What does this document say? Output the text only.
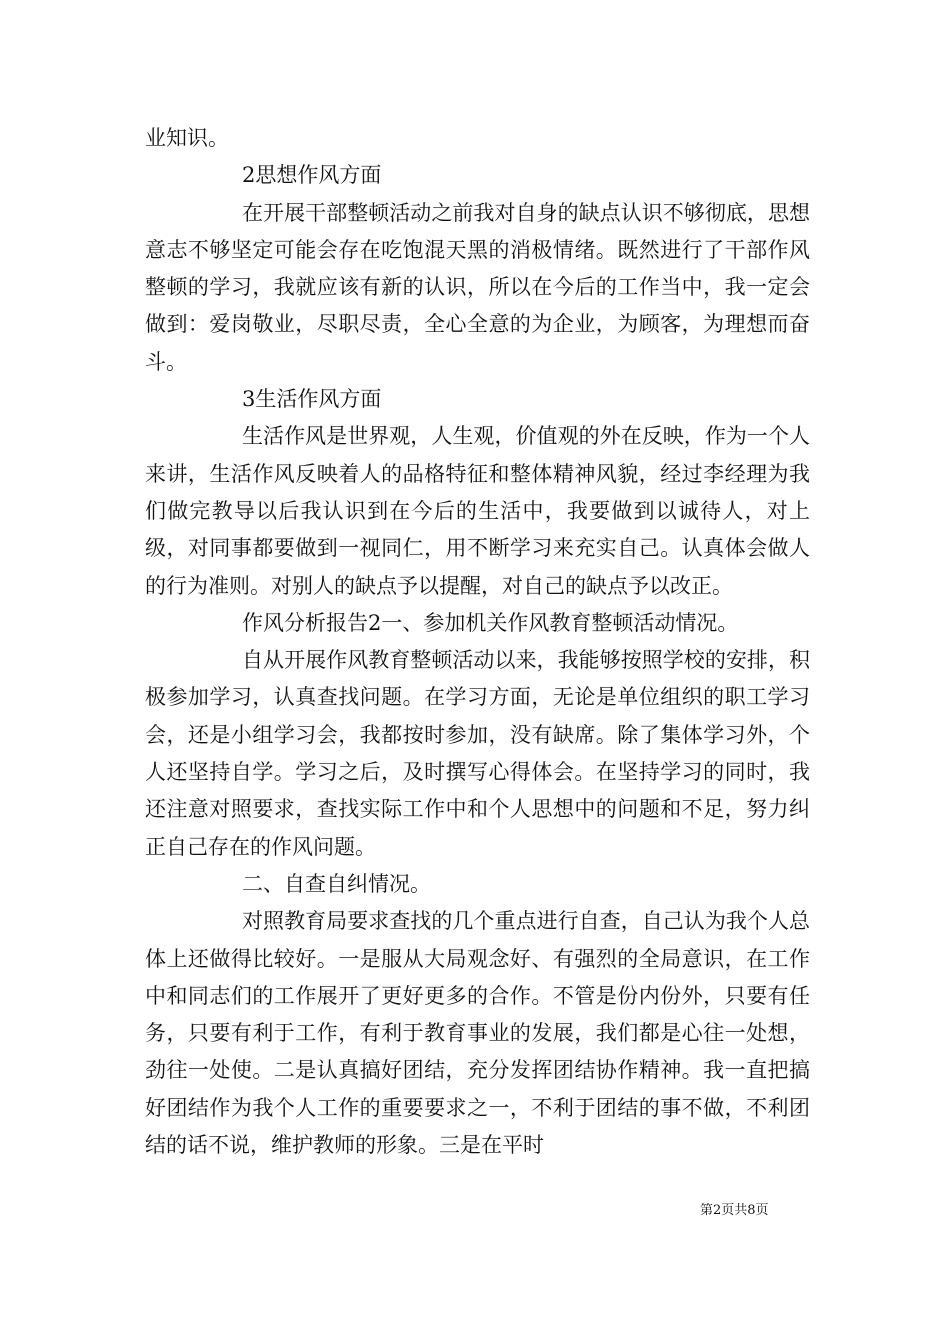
业知识。

2思想作风方面

在开展干部整顿活动之前我对自身的缺点认识不够彻底，思想意志不够坚定可能会存在吃饱混天黑的消极情绪。既然进行了干部作风整顿的学习，我就应该有新的认识，所以在今后的工作当中，我一定会做到：爱岗敬业，尽职尽责，全心全意的为企业，为顾客，为理想而奋斗。

3生活作风方面

生活作风是世界观，人生观，价值观的外在反映，作为一个人来讲，生活作风反映着人的品格特征和整体精神风貌，经过李经理为我们做完教导以后我认识到在今后的生活中，我要做到以诚待人，对上级，对同事都要做到一视同仁，用不断学习来充实自己。认真体会做人的行为准则。对别人的缺点予以提醒，对自己的缺点予以改正。

作风分析报告2一、参加机关作风教育整顿活动情况。

自从开展作风教育整顿活动以来，我能够按照学校的安排，积极参加学习，认真查找问题。在学习方面，无论是单位组织的职工学习会，还是小组学习会，我都按时参加，没有缺席。除了集体学习外，个人还坚持自学。学习之后，及时撰写心得体会。在坚持学习的同时，我还注意对照要求，查找实际工作中和个人思想中的问题和不足，努力纠正自己存在的作风问题。

二、自查自纠情况。

对照教育局要求查找的几个重点进行自查，自己认为我个人总体上还做得比较好。一是服从大局观念好、有强烈的全局意识，在工作中和同志们的工作展开了更好更多的合作。不管是份内份外，只要有任务，只要有利于工作，有利于教育事业的发展，我们都是心往一处想，劲往一处使。二是认真搞好团结，充分发挥团结协作精神。我一直把搞好团结作为我个人工作的重要要求之一，不利于团结的事不做，不利团结的话不说，维护教师的形象。三是在平时

第2页共8页
